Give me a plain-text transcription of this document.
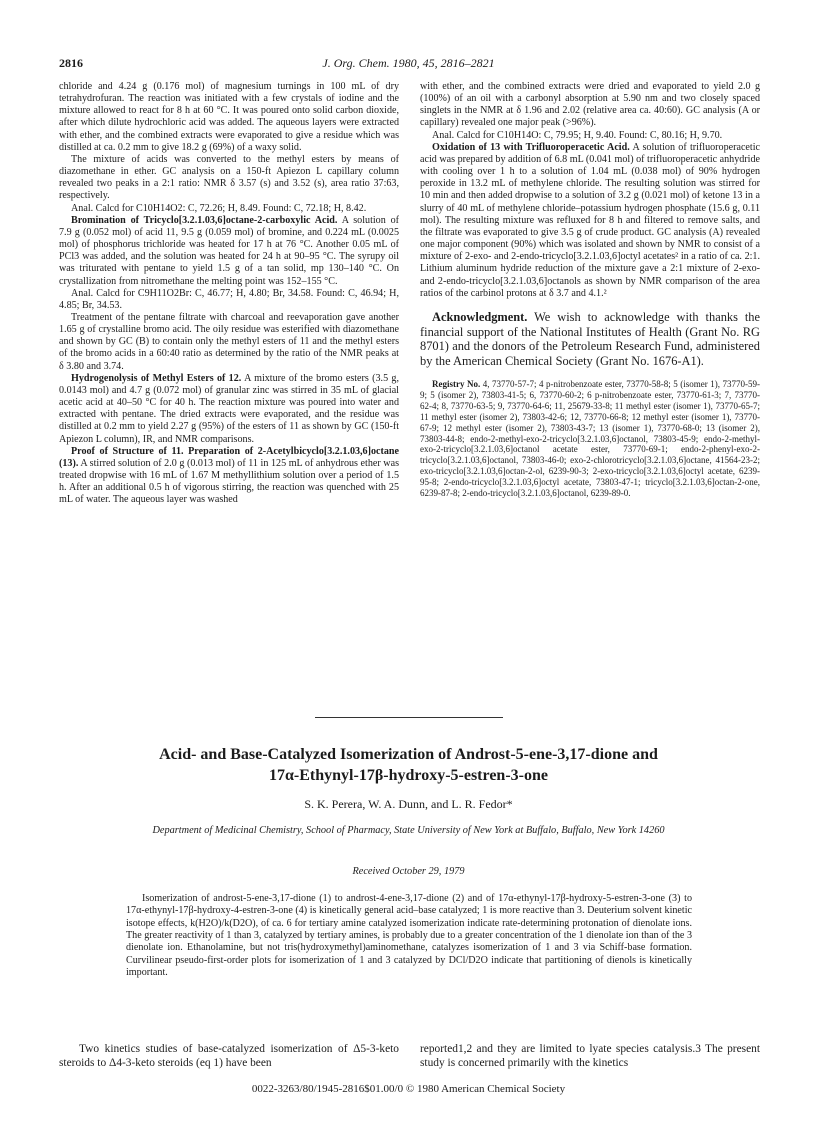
2816	J. Org. Chem. 1980, 45, 2816–2821

chloride and 4.24 g (0.176 mol) of magnesium turnings in 100 mL of dry tetrahydrofuran. The reaction was initiated with a few crystals of iodine and the mixture allowed to react for 8 h at 60 °C. It was poured onto solid carbon dioxide, after which dilute hydrochloric acid was added. The aqueous layers were extracted with ether, and the combined extracts were evaporated to give a residue which was distilled at ca. 0.2 mm to give 18.2 g (69%) of a waxy solid.

The mixture of acids was converted to the methyl esters by means of diazomethane in ether. GC analysis on a 150-ft Apiezon L capillary column revealed two peaks in a 2:1 ratio: NMR δ 3.57 (s) and 3.52 (s), area ratio 37:63, respectively.

Anal. Calcd for C10H14O2: C, 72.26; H, 8.49. Found: C, 72.18; H, 8.42.

Bromination of Tricyclo[3.2.1.03,6]octane-2-carboxylic Acid. A solution of 7.9 g (0.052 mol) of acid 11, 9.5 g (0.059 mol) of bromine, and 0.224 mL (0.0025 mol) of phosphorus trichloride was heated for 17 h at 76 °C. Another 0.05 mL of PCl3 was added, and the solution was heated for 24 h at 90–95 °C. The syrupy oil was triturated with pentane to yield 1.5 g of a tan solid, mp 130–140 °C. On crystallization from nitromethane the melting point was 152–155 °C.

Anal. Calcd for C9H11O2Br: C, 46.77; H, 4.80; Br, 34.58. Found: C, 46.94; H, 4.85; Br, 34.53.

Treatment of the pentane filtrate with charcoal and reevaporation gave another 1.65 g of crystalline bromo acid. The oily residue was esterified with diazomethane and shown by GC (B) to contain only the methyl esters of 11 and the methyl esters of the bromo acids in a 60:40 ratio as determined by the ratio of the NMR peaks at δ 3.80 and 3.74.

Hydrogenolysis of Methyl Esters of 12. A mixture of the bromo esters (3.5 g, 0.0143 mol) and 4.7 g (0.072 mol) of granular zinc was stirred in 35 mL of glacial acetic acid at 40–50 °C for 40 h. The reaction mixture was poured into water and extracted with pentane. The dried extracts were evaporated, and the residue was distilled at 0.2 mm to yield 2.27 g (95%) of the esters of 11 as shown by GC (150-ft Apiezon L column), IR, and NMR comparisons.

Proof of Structure of 11. Preparation of 2-Acetylbicyclo[3.2.1.03,6]octane (13). A stirred solution of 2.0 g (0.013 mol) of 11 in 125 mL of anhydrous ether was treated dropwise with 16 mL of 1.67 M methyllithium solution over a period of 1.5 h. After an additional 0.5 h of vigorous stirring, the reaction was quenched with 25 mL of water. The aqueous layer was washed

with ether, and the combined extracts were dried and evaporated to yield 2.0 g (100%) of an oil with a carbonyl absorption at 5.90 nm and two closely spaced singlets in the NMR at δ 1.96 and 2.02 (relative area ca. 40:60). GC analysis (A or capillary) revealed one major peak (>96%).

Anal. Calcd for C10H14O: C, 79.95; H, 9.40. Found: C, 80.16; H, 9.70.

Oxidation of 13 with Trifluoroperacetic Acid. A solution of trifluoroperacetic acid was prepared by addition of 6.8 mL (0.041 mol) of trifluoroperacetic anhydride with cooling over 1 h to a solution of 1.04 mL (0.038 mol) of 90% hydrogen peroxide in 13.2 mL of methylene chloride. The resulting solution was stirred for 10 min and then added dropwise to a solution of 3.2 g (0.021 mol) of ketone 13 in a slurry of 40 mL of methylene chloride–potassium hydrogen phosphate (15.6 g, 0.11 mol). The resulting mixture was refluxed for 8 h and filtered to remove salts, and the filtrate was evaporated to give 3.5 g of crude product. GC analysis (A) revealed one major component (90%) which was isolated and shown by NMR to consist of a mixture of 2-exo- and 2-endo-tricyclo[3.2.1.03,6]octyl acetates² in a ratio of ca. 2:1. Lithium aluminum hydride reduction of the mixture gave a 2:1 mixture of 2-exo- and 2-endo-tricyclo[3.2.1.03,6]octanols as shown by NMR comparison of the area ratios of the carbinol protons at δ 3.7 and 4.1.²

Acknowledgment. We wish to acknowledge with thanks the financial support of the National Institutes of Health (Grant No. RG 8701) and the donors of the Petroleum Research Fund, administered by the American Chemical Society (Grant No. 1676-A1).

Registry No. 4, 73770-57-7; 4 p-nitrobenzoate ester, 73770-58-8; 5 (isomer 1), 73770-59-9; 5 (isomer 2), 73803-41-5; 6, 73770-60-2; 6 p-nitrobenzoate ester, 73770-61-3; 7, 73770-62-4; 8, 73770-63-5; 9, 73770-64-6; 11, 25679-33-8; 11 methyl ester (isomer 1), 73770-65-7; 11 methyl ester (isomer 2), 73803-42-6; 12, 73770-66-8; 12 methyl ester (isomer 1), 73770-67-9; 12 methyl ester (isomer 2), 73803-43-7; 13 (isomer 1), 73770-68-0; 13 (isomer 2), 73803-44-8; endo-2-methyl-exo-2-tricyclo[3.2.1.03,6]octanol, 73803-45-9; endo-2-methyl-exo-2-tricyclo[3.2.1.03,6]octanol acetate ester, 73770-69-1; endo-2-phenyl-exo-2-tricyclo[3.2.1.03,6]octanol, 73803-46-0; exo-2-chlorotricyclo[3.2.1.03,6]octane, 41564-23-2; exo-tricyclo[3.2.1.03,6]octan-2-ol, 6239-90-3; 2-exo-tricyclo[3.2.1.03,6]octyl acetate, 6239-95-8; 2-endo-tricyclo[3.2.1.03,6]octyl acetate, 73803-47-1; tricyclo[3.2.1.03,6]octan-2-one, 6239-87-8; 2-endo-tricyclo[3.2.1.03,6]octanol, 6239-89-0.

Acid- and Base-Catalyzed Isomerization of Androst-5-ene-3,17-dione and
17α-Ethynyl-17β-hydroxy-5-estren-3-one
S. K. Perera, W. A. Dunn, and L. R. Fedor*
Department of Medicinal Chemistry, School of Pharmacy, State University of New York at Buffalo, Buffalo, New York 14260
Received October 29, 1979
Isomerization of androst-5-ene-3,17-dione (1) to androst-4-ene-3,17-dione (2) and of 17α-ethynyl-17β-hydroxy-5-estren-3-one (3) to 17α-ethynyl-17β-hydroxy-4-estren-3-one (4) is kinetically general acid–base catalyzed; 1 is more reactive than 3. Deuterium solvent kinetic isotope effects, k(H2O)/k(D2O), of ca. 6 for tertiary amine catalyzed isomerization indicate rate-determining protonation of dienolate ions. The greater reactivity of 1 than 3, catalyzed by tertiary amines, is probably due to a greater concentration of the 1 dienolate ion than of the 3 dienolate ion. Ethanolamine, but not tris(hydroxymethyl)aminomethane, catalyzes isomerization of 1 and 3 via Schiff-base formation. Curvilinear pseudo-first-order plots for isomerization of 1 and 3 catalyzed by DCl/D2O indicate that partitioning of dienols is kinetically important.
Two kinetics studies of base-catalyzed isomerization of Δ5-3-keto steroids to Δ4-3-keto steroids (eq 1) have been
reported1,2 and they are limited to lyate species catalysis.3 The present study is concerned primarily with the kinetics
0022-3263/80/1945-2816$01.00/0 © 1980 American Chemical Society
